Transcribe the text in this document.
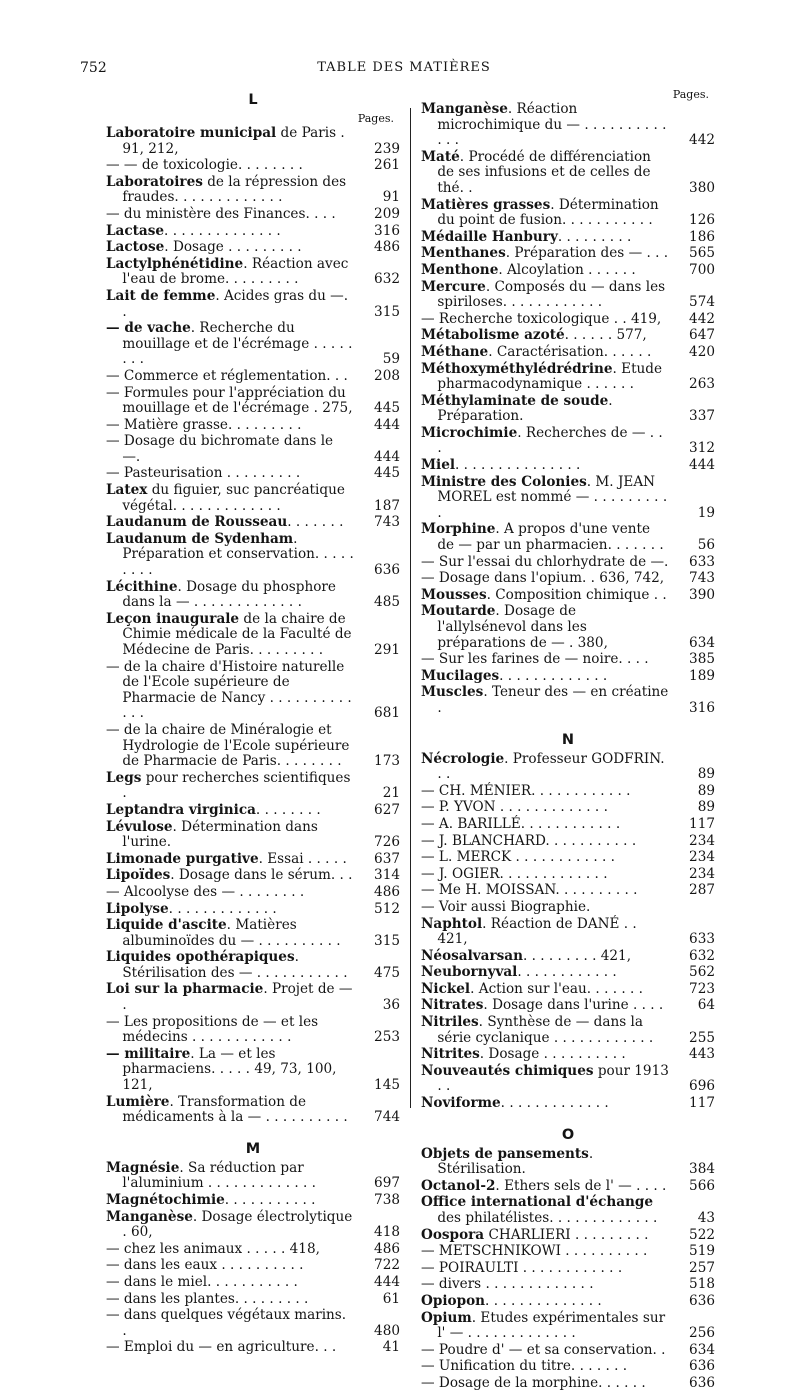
752	TABLE DES MATIÈRES
L
Pages.
Laboratoire municipal de Paris . 91, 212,	239
— — de toxicologie. . . . . . . .	261
Laboratoires de la répression des fraudes. . . . . . . . . . . . .	91
— du ministère des Finances. . . .	209
Lactase. . . . . . . . . . . . . .	316
Lactose. Dosage . . . . . . . . .	486
Lactylphénétidine. Réaction avec l'eau de brome. . . . . . . . .	632
Lait de femme. Acides gras du —. .	315
— de vache. Recherche du mouillage et de l'écrémage . . . . . . . .	59
— Commerce et réglementation. . . 208
— Formules pour l'appréciation du mouillage et de l'écrémage . 275, 445
— Matière grasse. . . . . . . . .	444
— Dosage du bichromate dans le —.	444
— Pasteurisation . . . . . . . . .	445
Latex du figuier, suc pancréatique végétal. . . . . . . . . . . . .	187
Laudanum de Rousseau. . . . . . . 743
Laudanum de Sydenham. Préparation et conservation. . . . . . . . .	636
Lécithine. Dosage du phosphore dans la — . . . . . . . . . . . . .	485
Leçon inaugurale de la chaire de Chimie médicale de la Faculté de Médecine de Paris. . . . . . . . .	291
— de la chaire d'Histoire naturelle de l'Ecole supérieure de Pharmacie de Nancy . . . . . . . . . . . . .	681
— de la chaire de Minéralogie et Hydrologie de l'Ecole supérieure de Pharmacie de Paris. . . . . . . . 173
Legs pour recherches scientifiques .	21
Leptandra virginica. . . . . . . .	627
Lévulose. Détermination dans l'urine.	726
Limonade purgative. Essai . . . . . 637
Lipoïdes. Dosage dans le sérum. . . 314
— Alcoolyse des — . . . . . . . .	486
Lipolyse. . . . . . . . . . . . .	512
Liquide d'ascite. Matières albuminoïdes du — . . . . . . . . . . 315
Liquides opothérapiques. Stérilisation des — . . . . . . . . . . . 475
Loi sur la pharmacie. Projet de — .	36
— Les propositions de — et les médecins . . . . . . . . . . . .	253
— militaire. La — et les pharmaciens. . . . . 49, 73, 100, 121,	145
Lumière. Transformation de médicaments à la — . . . . . . . . . . 744
M
Magnésie. Sa réduction par l'aluminium . . . . . . . . . . . . .	697
Magnétochimie. . . . . . . . . . .	738
Manganèse. Dosage électrolytique . 60,	418
— chez les animaux . . . . . 418,	486
— dans les eaux . . . . . . . . . .	722
— dans le miel. . . . . . . . . . .	444
— dans les plantes. . . . . . . . .	61
— dans quelques végétaux marins. .	480
— Emploi du — en agriculture. . .	41
Pages.
Manganèse. Réaction microchimique du — . . . . . . . . . . . . .	442
Maté. Procédé de différenciation de ses infusions et de celles de thé. .	380
Matières grasses. Détermination du point de fusion. . . . . . . . . . .	126
Médaille Hanbury. . . . . . . . .	186
Menthanes. Préparation des — . . . 565
Menthone. Alcoylation . . . . . .	700
Mercure. Composés du — dans les spiriloses. . . . . . . . . . . .	574
— Recherche toxicologique . . 419, 442
Métabolisme azoté. . . . . . 577,	647
Méthane. Caractérisation. . . . . .	420
Méthoxyméthylédrédrine. Etude pharmacodynamique . . . . . .	263
Méthylaminate de soude. Préparation.	337
Microchimie. Recherches de — . . .	312
Miel. . . . . . . . . . . . . . .	444
Ministre des Colonies. M. JEAN MOREL est nommé — . . . . . . . . . .	19
Morphine. A propos d'une vente de — par un pharmacien. . . . . . . 56
— Sur l'essai du chlorhydrate de —. 633
— Dosage dans l'opium. . 636, 742, 743
Mousses. Composition chimique . . 390
Moutarde. Dosage de l'allylsénevol dans les préparations de — . 380,	634
— Sur les farines de — noire. . . .	385
Mucilages. . . . . . . . . . . . .	189
Muscles. Teneur des — en créatine .	316
N
Nécrologie. Professeur GODFRIN. . .	89
— CH. MÉNIER. . . . . . . . . . . .	89
— P. YVON . . . . . . . . . . . . .	89
— A. BARILLÉ. . . . . . . . . . . .	117
— J. BLANCHARD. . . . . . . . . . .	234
— L. MERCK . . . . . . . . . . . .	234
— J. OGIER. . . . . . . . . . . . .	234
— Me H. MOISSAN. . . . . . . . . .	287
— Voir aussi Biographie.
Naphtol. Réaction de DANÉ . . 421,	633
Néosalvarsan. . . . . . . . . 421,	632
Neubornyval. . . . . . . . . . . .	562
Nickel. Action sur l'eau. . . . . . .	723
Nitrates. Dosage dans l'urine . . . .	64
Nitriles. Synthèse de — dans la série cyclanique . . . . . . . . . . . .	255
Nitrites. Dosage . . . . . . . . . .	443
Nouveautés chimiques pour 1913 . .	696
Noviforme. . . . . . . . . . . . .	117
O
Objets de pansements. Stérilisation.	384
Octanol-2. Ethers sels de l' — . . . . 566
Office international d'échange des philatélistes. . . . . . . . . . . . .	43
Oospora CHARLIERI . . . . . . . . .	522
— METSCHNIKOWI . . . . . . . . . .	519
— POIRAULTI . . . . . . . . . . . .	257
— divers . . . . . . . . . . . . .	518
Opiopon. . . . . . . . . . . . . .	636
Opium. Etudes expérimentales sur l' — . . . . . . . . . . . . .	256
— Poudre d' — et sa conservation. . 634
— Unification du titre. . . . . . .	636
— Dosage de la morphine. . . . . .	636
